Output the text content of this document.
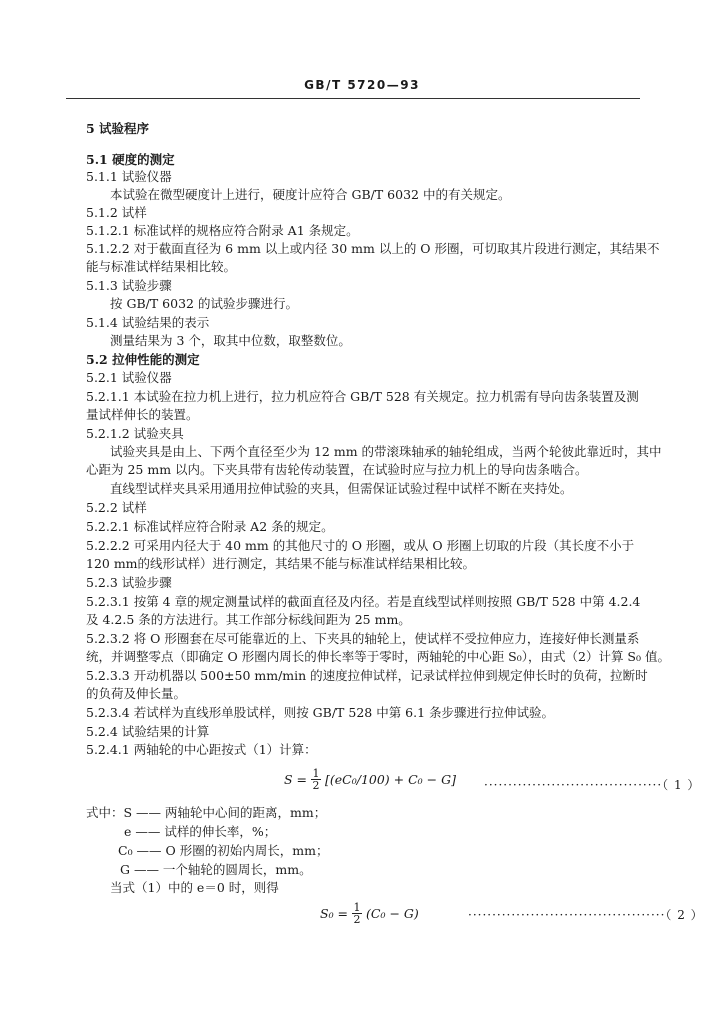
GB/T 5720—93
5 试验程序
5.1 硬度的测定
5.1.1 试验仪器
本试验在微型硬度计上进行，硬度计应符合 GB/T 6032 中的有关规定。
5.1.2 试样
5.1.2.1 标准试样的规格应符合附录 A1 条规定。
5.1.2.2 对于截面直径为 6 mm 以上或内径 30 mm 以上的 O 形圈，可切取其片段进行测定，其结果不
能与标准试样结果相比较。
5.1.3 试验步骤
按 GB/T 6032 的试验步骤进行。
5.1.4 试验结果的表示
测量结果为 3 个，取其中位数，取整数位。
5.2 拉伸性能的测定
5.2.1 试验仪器
5.2.1.1 本试验在拉力机上进行，拉力机应符合 GB/T 528 有关规定。拉力机需有导向齿条装置及测
量试样伸长的装置。
5.2.1.2 试验夹具
试验夹具是由上、下两个直径至少为 12 mm 的带滚珠轴承的轴轮组成，当两个轮彼此靠近时，其中
心距为 25 mm 以内。下夹具带有齿轮传动装置，在试验时应与拉力机上的导向齿条啮合。
直线型试样夹具采用通用拉伸试验的夹具，但需保证试验过程中试样不断在夹持处。
5.2.2 试样
5.2.2.1 标准试样应符合附录 A2 条的规定。
5.2.2.2 可采用内径大于 40 mm 的其他尺寸的 O 形圈，或从 O 形圈上切取的片段（其长度不小于
120 mm的线形试样）进行测定，其结果不能与标准试样结果相比较。
5.2.3 试验步骤
5.2.3.1 按第 4 章的规定测量试样的截面直径及内径。若是直线型试样则按照 GB/T 528 中第 4.2.4
及 4.2.5 条的方法进行。其工作部分标线间距为 25 mm。
5.2.3.2 将 O 形圈套在尽可能靠近的上、下夹具的轴轮上，使试样不受拉伸应力，连接好伸长测量系
统，并调整零点（即确定 O 形圈内周长的伸长率等于零时，两轴轮的中心距 S₀），由式（2）计算 S₀ 值。
5.2.3.3 开动机器以 500±50 mm/min 的速度拉伸试样，记录试样拉伸到规定伸长时的负荷，拉断时
的负荷及伸长量。
5.2.3.4 若试样为直线形单股试样，则按 GB/T 528 中第 6.1 条步骤进行拉伸试验。
5.2.4 试验结果的计算
5.2.4.1 两轴轮的中心距按式（1）计算：
$S = \frac{1}{2} [(eC_0/100) + C_0 - G]$ ·····································（ 1 ）
式中：S —— 两轴轮中心间的距离，mm；
e —— 试样的伸长率，%；
C₀ —— O 形圈的初始内周长，mm；
G —— 一个轴轮的圆周长，mm。
当式（1）中的 e＝0 时，则得
$S_0 = \frac{1}{2} (C_0 - G)$	·········································（ 2 ）
